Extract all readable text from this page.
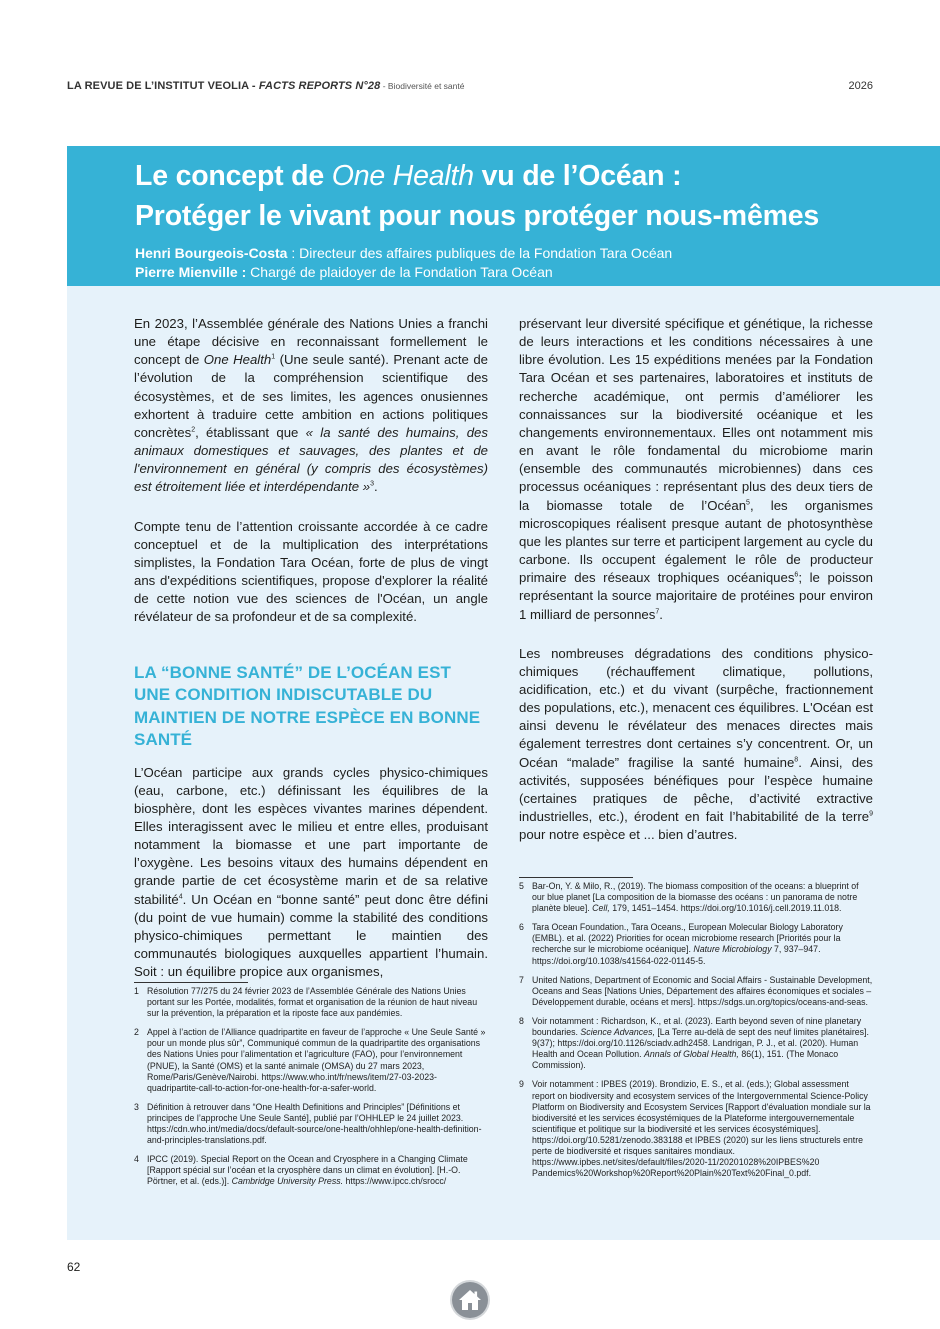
LA REVUE DE L’INSTITUT VEOLIA - FACTS REPORTS N°28 - Biodiversité et santé	2026
Le concept de One Health vu de l’Océan :
Protéger le vivant pour nous protéger nous-mêmes
Henri Bourgeois-Costa : Directeur des affaires publiques de la Fondation Tara Océan
Pierre Mienville : Chargé de plaidoyer de la Fondation Tara Océan

En 2023, l’Assemblée générale des Nations Unies a franchi une étape décisive en reconnaissant formellement le concept de One Health$^1$ (Une seule santé). Prenant acte de l’évolution de la compréhension scientifique des écosystèmes, et de ses limites, les agences onusiennes exhortent à traduire cette ambition en actions politiques concrètes$^2$, établissant que « la santé des humains, des animaux domestiques et sauvages, des plantes et de l'environnement en général (y compris des écosystèmes) est étroitement liée et interdépendante »$^3$.

Compte tenu de l’attention croissante accordée à ce cadre conceptuel et de la multiplication des interprétations simplistes, la Fondation Tara Océan, forte de plus de vingt ans d'expéditions scientifiques, propose d'explorer la réalité de cette notion vue des sciences de l'Océan, un angle révélateur de sa profondeur et de sa complexité.

LA “BONNE SANTÉ” DE L’OCÉAN EST UNE CONDITION INDISCUTABLE DU MAINTIEN DE NOTRE ESPÈCE EN BONNE SANTÉ

L’Océan participe aux grands cycles physico-chimiques (eau, carbone, etc.) définissant les équilibres de la biosphère, dont les espèces vivantes marines dépendent. Elles interagissent avec le milieu et entre elles, produisant notamment la biomasse et une part importante de l’oxygène. Les besoins vitaux des humains dépendent en grande partie de cet écosystème marin et de sa relative stabilité$^4$. Un Océan en “bonne santé” peut donc être défini (du point de vue humain) comme la stabilité des conditions physico-chimiques permettant le maintien des communautés biologiques auxquelles appartient l’humain. Soit : un équilibre propice aux organismes,

préservant leur diversité spécifique et génétique, la richesse de leurs interactions et les conditions nécessaires à une libre évolution. Les 15 expéditions menées par la Fondation Tara Océan et ses partenaires, laboratoires et instituts de recherche académique, ont permis d’améliorer les connaissances sur la biodiversité océanique et les changements environnementaux. Elles ont notamment mis en avant le rôle fondamental du microbiome marin (ensemble des communautés microbiennes) dans ces processus océaniques : représentant plus des deux tiers de la biomasse totale de l’Océan$^5$, les organismes microscopiques réalisent presque autant de photosynthèse que les plantes sur terre et participent largement au cycle du carbone. Ils occupent également le rôle de producteur primaire des réseaux trophiques océaniques$^6$; le poisson représentant la source majoritaire de protéines pour environ 1 milliard de personnes$^7$.

Les nombreuses dégradations des conditions physico-chimiques (réchauffement climatique, pollutions, acidification, etc.) et du vivant (surpêche, fractionnement des populations, etc.), menacent ces équilibres. L'Océan est ainsi devenu le révélateur des menaces directes mais également terrestres dont certaines s’y concentrent. Or, un Océan “malade” fragilise la santé humaine$^8$. Ainsi, des activités, supposées bénéfiques pour l’espèce humaine (certaines pratiques de pêche, d’activité extractive industrielles, etc.), érodent en fait l’habitabilité de la terre$^9$ pour notre espèce et ... bien d’autres.

1 Résolution 77/275 du 24 février 2023 de l’Assemblée Générale des Nations Unies portant sur les Portée, modalités, format et organisation de la réunion de haut niveau sur la prévention, la préparation et la riposte face aux pandémies.
2 Appel à l’action de l’Alliance quadripartite en faveur de l’approche « Une Seule Santé » pour un monde plus sûr”, Communiqué commun de la quadripartite des organisations des Nations Unies pour l’alimentation et l’agriculture (FAO), pour l’environnement (PNUE), la Santé (OMS) et la santé animale (OMSA) du 27 mars 2023, Rome/Paris/Genève/Nairobi. https://www.who.int/fr/news/item/27-03-2023-quadripartite-call-to-action-for-one-health-for-a-safer-world.
3 Définition à retrouver dans “One Health Definitions and Principles” [Définitions et principes de l’approche Une Seule Santé], publié par l’OHHLEP le 24 juillet 2023. https://cdn.who.int/media/docs/default-source/one-health/ohhlep/one-health-definition-and-principles-translations.pdf.
4 IPCC (2019). Special Report on the Ocean and Cryosphere in a Changing Climate [Rapport spécial sur l’océan et la cryosphère dans un climat en évolution]. [H.-O. Pörtner, et al. (eds.)]. Cambridge University Press. https://www.ipcc.ch/srocc/
5 Bar-On, Y. & Milo, R., (2019). The biomass composition of the oceans: a blueprint of our blue planet [La composition de la biomasse des océans : un panorama de notre planète bleue]. Cell, 179, 1451–1454. https://doi.org/10.1016/j.cell.2019.11.018.
6 Tara Ocean Foundation., Tara Oceans., European Molecular Biology Laboratory (EMBL). et al. (2022) Priorities for ocean microbiome research [Priorités pour la recherche sur le microbiome océanique]. Nature Microbiology 7, 937–947. https://doi.org/10.1038/s41564-022-01145-5.
7 United Nations, Department of Economic and Social Affairs - Sustainable Development, Oceans and Seas [Nations Unies, Département des affaires économiques et sociales – Développement durable, océans et mers]. https://sdgs.un.org/topics/oceans-and-seas.
8 Voir notamment : Richardson, K., et al. (2023). Earth beyond seven of nine planetary boundaries. Science Advances, [La Terre au-delà de sept des neuf limites planétaires]. 9(37); https://doi.org/10.1126/sciadv.adh2458. Landrigan, P. J., et al. (2020). Human Health and Ocean Pollution. Annals of Global Health, 86(1), 151. (The Monaco Commission).
9 Voir notamment : IPBES (2019). Brondizio, E. S., et al. (eds.); Global assessment report on biodiversity and ecosystem services of the Intergovernmental Science-Policy Platform on Biodiversity and Ecosystem Services [Rapport d'évaluation mondiale sur la biodiversité et les services écosystémiques de la Plateforme intergouvernementale scientifique et politique sur la biodiversité et les services écosystémiques]. https://doi.org/10.5281/zenodo.383188 et IPBES (2020) sur les liens structurels entre perte de biodiversité et risques sanitaires mondiaux. https://www.ipbes.net/sites/default/files/2020-11/20201028%20IPBES%20 Pandemics%20Workshop%20Report%20Plain%20Text%20Final_0.pdf.
62
